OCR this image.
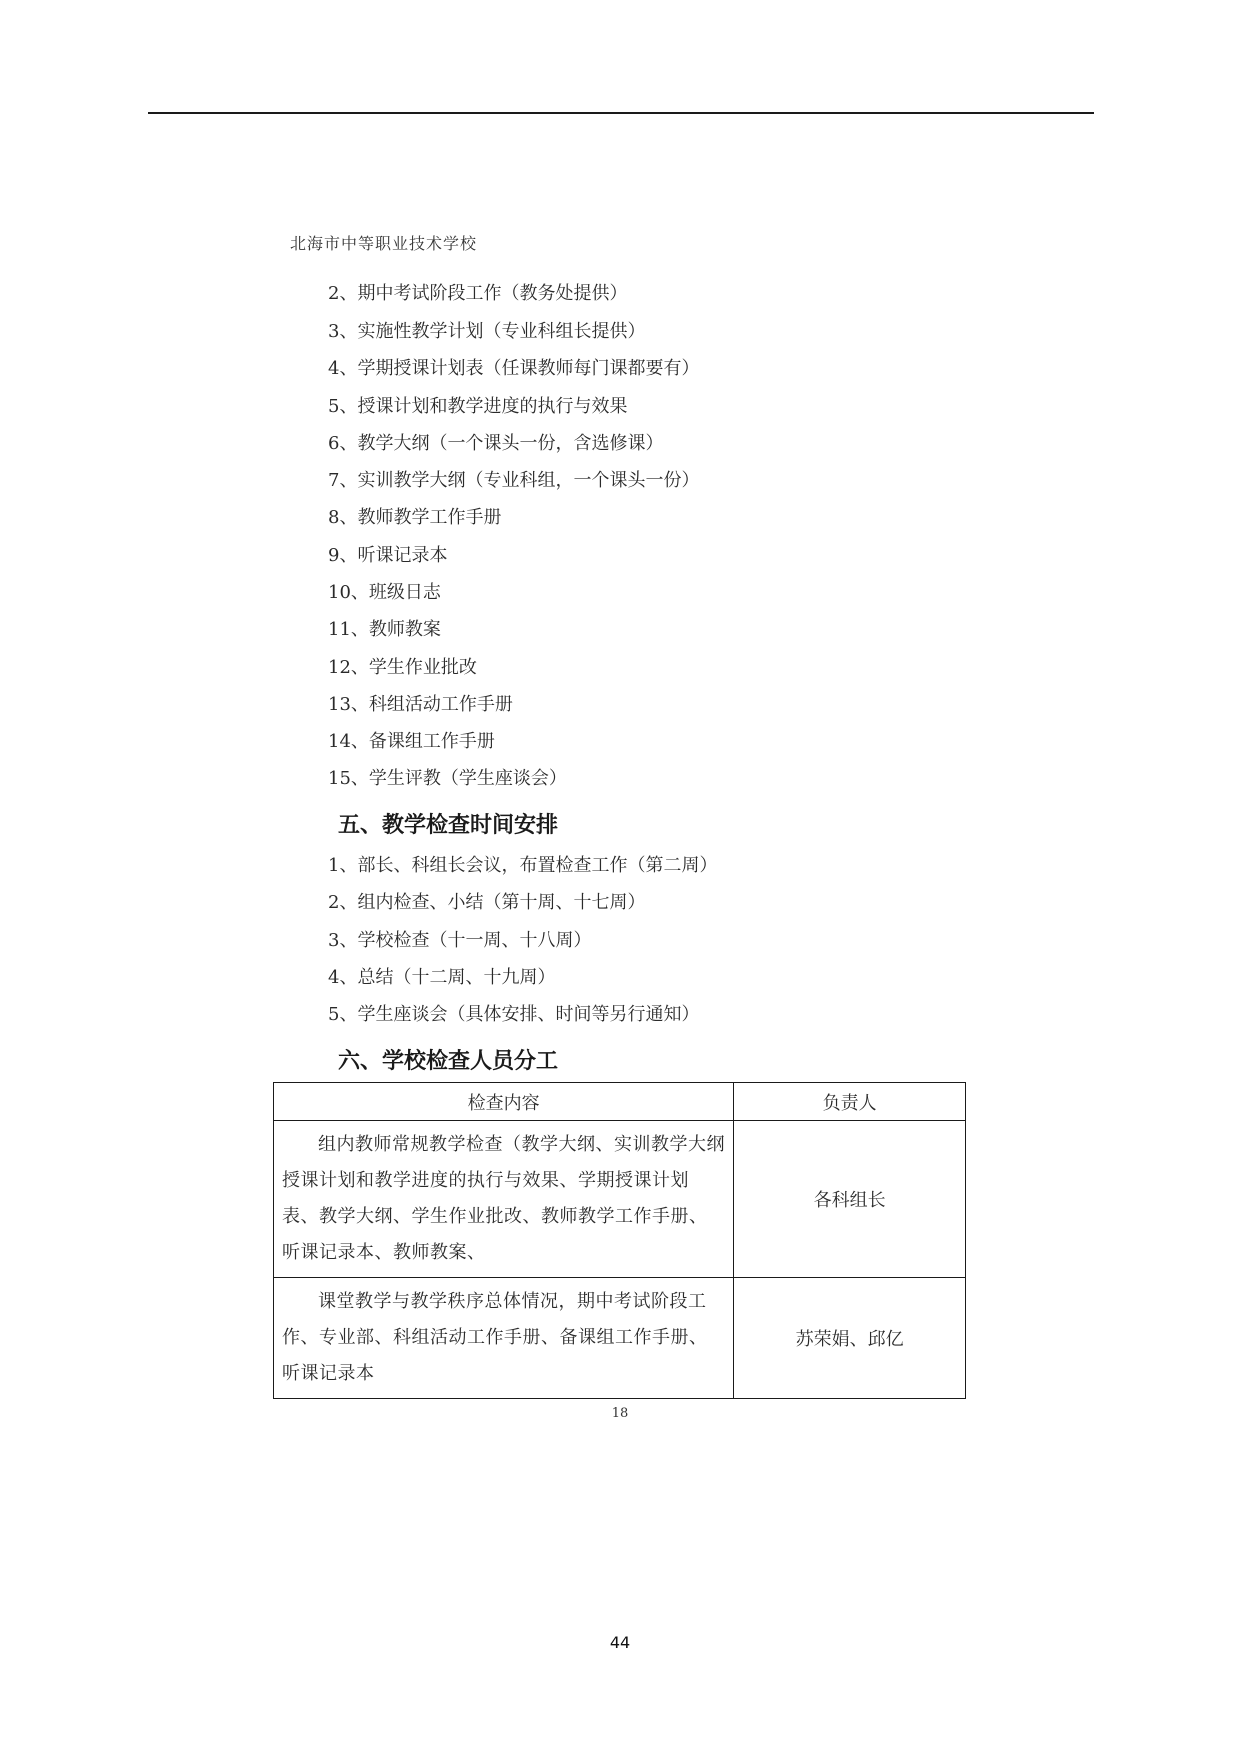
北海市中等职业技术学校
2、期中考试阶段工作（教务处提供）
3、实施性教学计划（专业科组长提供）
4、学期授课计划表（任课教师每门课都要有）
5、授课计划和教学进度的执行与效果
6、教学大纲（一个课头一份，含选修课）
7、实训教学大纲（专业科组，一个课头一份）
8、教师教学工作手册
9、听课记录本
10、班级日志
11、教师教案
12、学生作业批改
13、科组活动工作手册
14、备课组工作手册
15、学生评教（学生座谈会）
五、教学检查时间安排
1、部长、科组长会议，布置检查工作（第二周）
2、组内检查、小结（第十周、十七周）
3、学校检查（十一周、十八周）
4、总结（十二周、十九周）
5、学生座谈会（具体安排、时间等另行通知）
六、学校检查人员分工
检查内容	负责人
组内教师常规教学检查（教学大纲、实训教学大纲授课计划和教学进度的执行与效果、学期授课计划表、教学大纲、学生作业批改、教师教学工作手册、听课记录本、教师教案、	各科组长
课堂教学与教学秩序总体情况，期中考试阶段工作、专业部、科组活动工作手册、备课组工作手册、听课记录本	苏荣娟、邱亿
18
44
